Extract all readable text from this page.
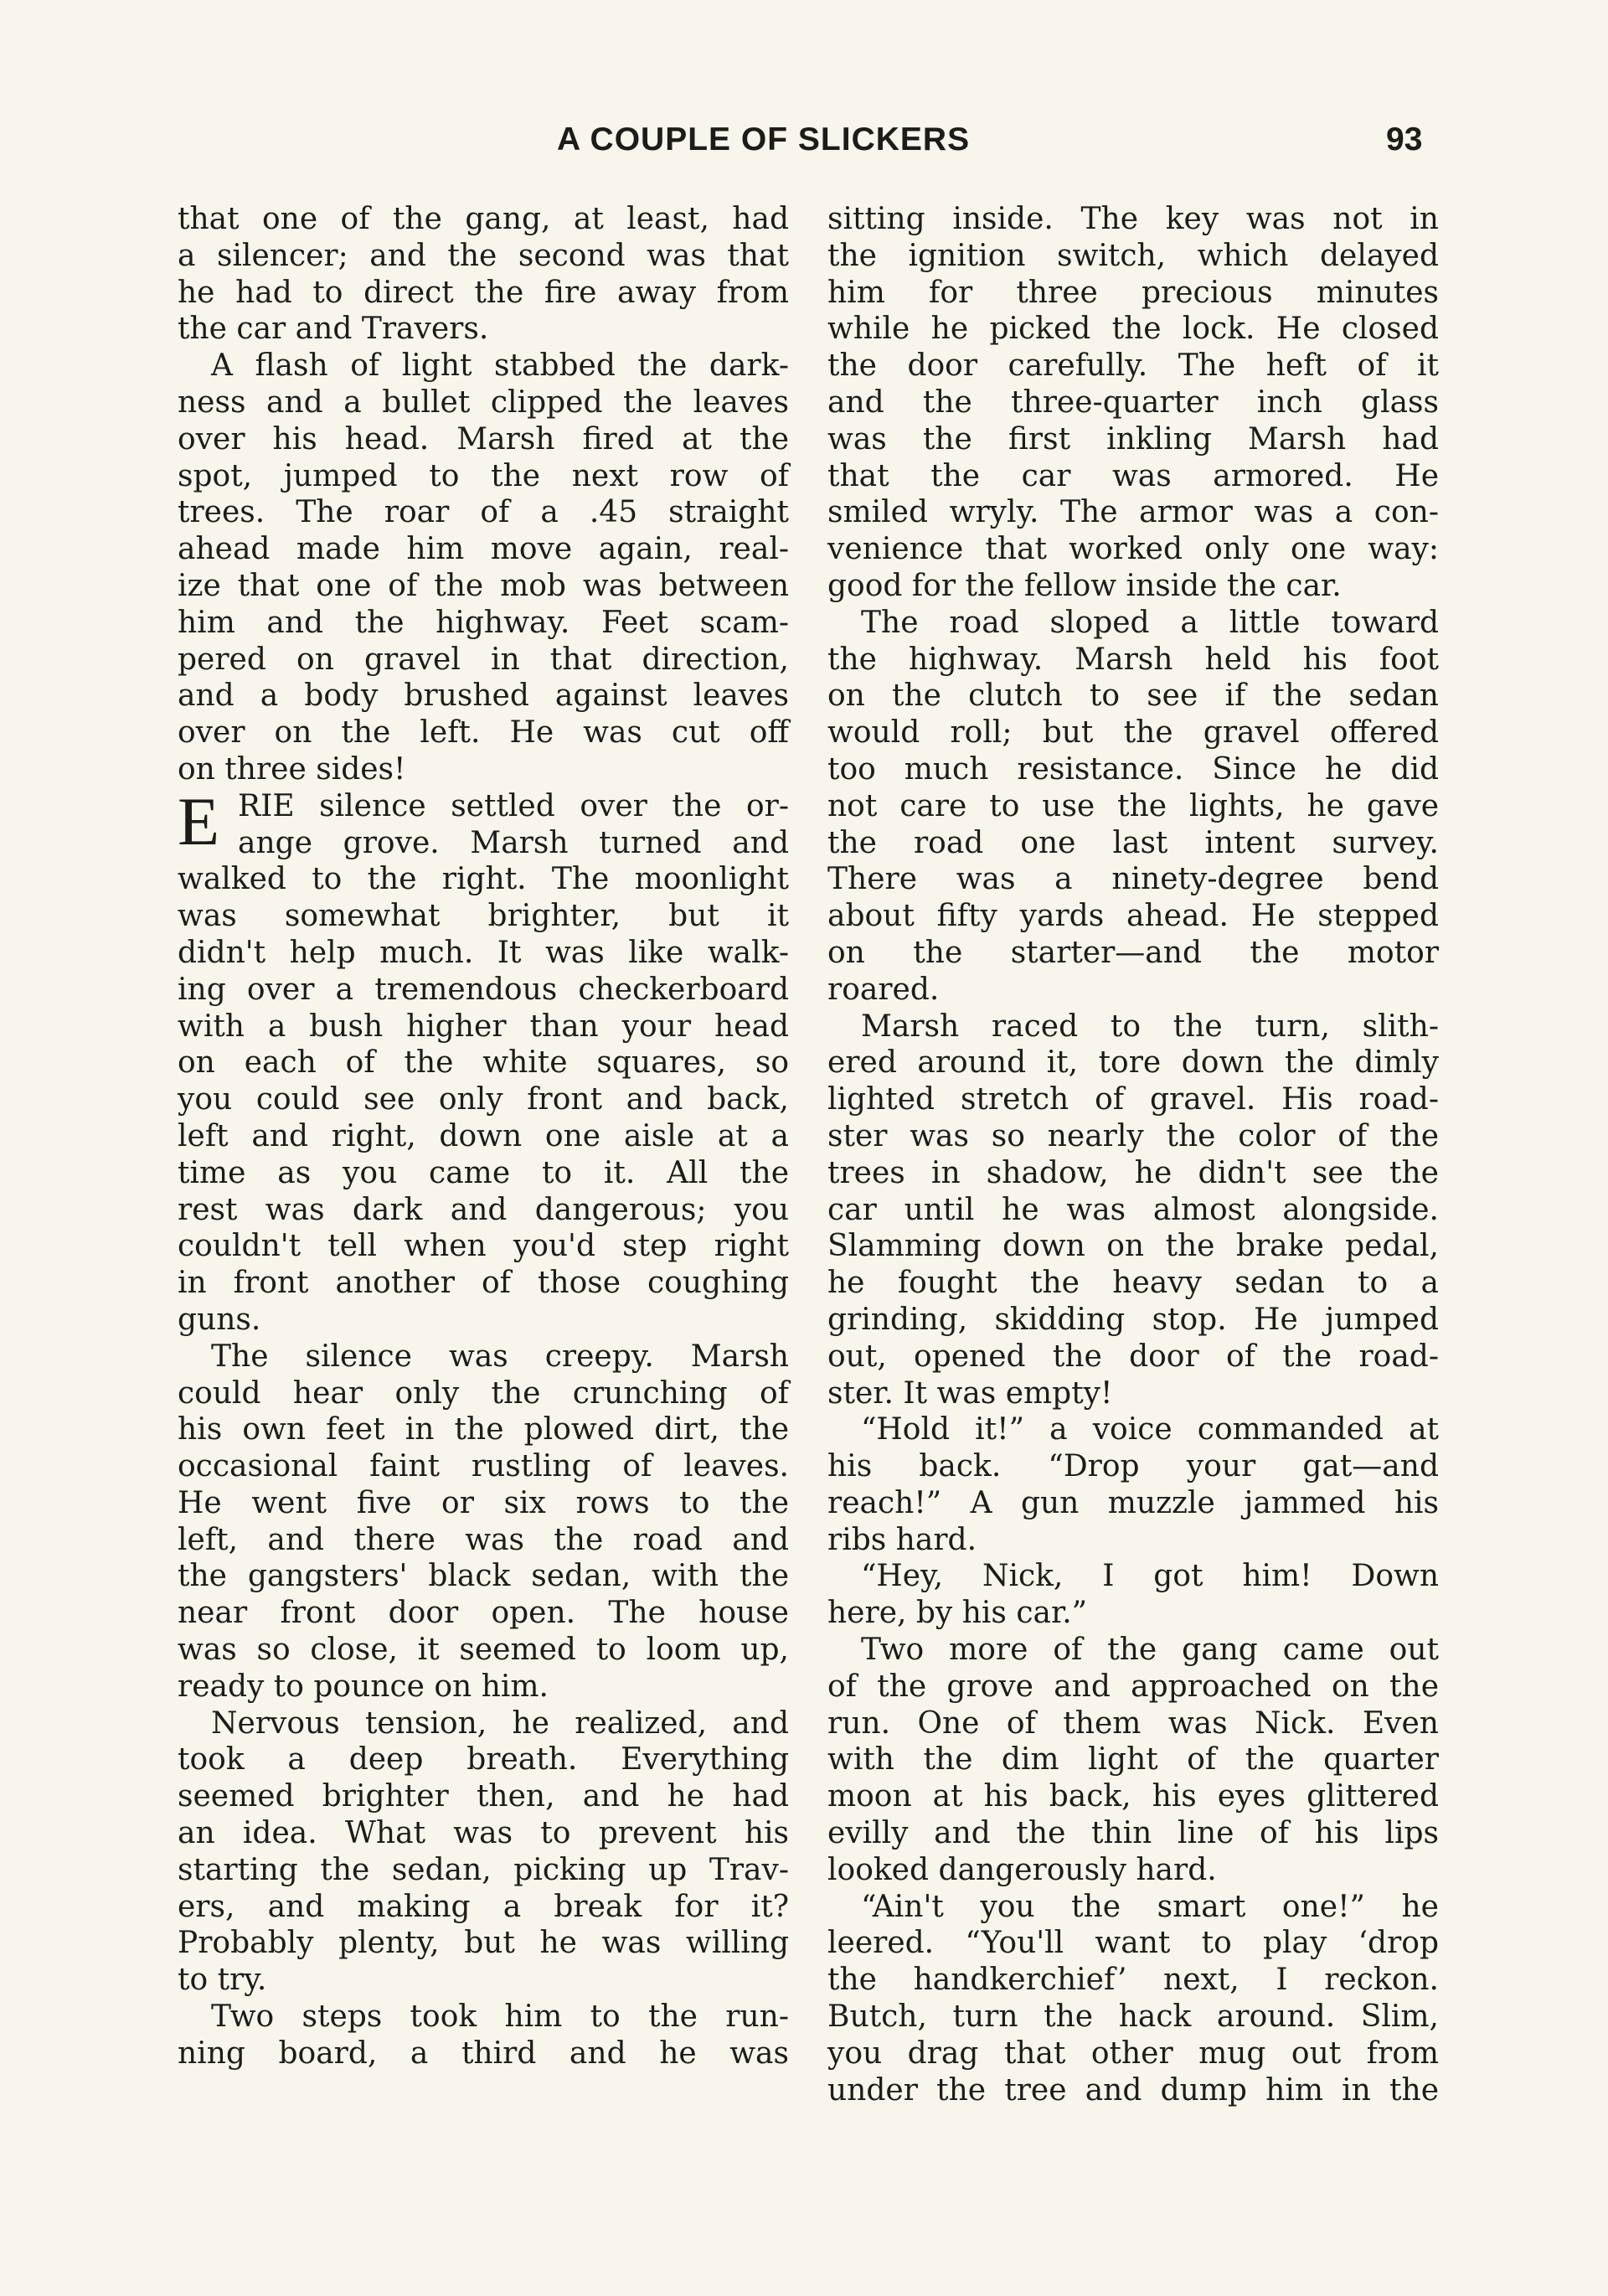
A COUPLE OF SLICKERS	93
that one of the gang, at least, had
a silencer; and the second was that
he had to direct the fire away from
the car and Travers.
A flash of light stabbed the dark-
ness and a bullet clipped the leaves
over his head. Marsh fired at the
spot, jumped to the next row of
trees. The roar of a .45 straight
ahead made him move again, real-
ize that one of the mob was between
him and the highway. Feet scam-
pered on gravel in that direction,
and a body brushed against leaves
over on the left. He was cut off
on three sides!
E RIE silence settled over the or-
ange grove. Marsh turned and
walked to the right. The moonlight
was somewhat brighter, but it
didn't help much. It was like walk-
ing over a tremendous checkerboard
with a bush higher than your head
on each of the white squares, so
you could see only front and back,
left and right, down one aisle at a
time as you came to it. All the
rest was dark and dangerous; you
couldn't tell when you'd step right
in front another of those coughing
guns.
The silence was creepy. Marsh
could hear only the crunching of
his own feet in the plowed dirt, the
occasional faint rustling of leaves.
He went five or six rows to the
left, and there was the road and
the gangsters' black sedan, with the
near front door open. The house
was so close, it seemed to loom up,
ready to pounce on him.
Nervous tension, he realized, and
took a deep breath. Everything
seemed brighter then, and he had
an idea. What was to prevent his
starting the sedan, picking up Trav-
ers, and making a break for it?
Probably plenty, but he was willing
to try.
Two steps took him to the run-
ning board, a third and he was
sitting inside. The key was not in
the ignition switch, which delayed
him for three precious minutes
while he picked the lock. He closed
the door carefully. The heft of it
and the three-quarter inch glass
was the first inkling Marsh had
that the car was armored. He
smiled wryly. The armor was a con-
venience that worked only one way:
good for the fellow inside the car.
The road sloped a little toward
the highway. Marsh held his foot
on the clutch to see if the sedan
would roll; but the gravel offered
too much resistance. Since he did
not care to use the lights, he gave
the road one last intent survey.
There was a ninety-degree bend
about fifty yards ahead. He stepped
on the starter—and the motor
roared.
Marsh raced to the turn, slith-
ered around it, tore down the dimly
lighted stretch of gravel. His road-
ster was so nearly the color of the
trees in shadow, he didn't see the
car until he was almost alongside.
Slamming down on the brake pedal,
he fought the heavy sedan to a
grinding, skidding stop. He jumped
out, opened the door of the road-
ster. It was empty!
“Hold it!” a voice commanded at
his back. “Drop your gat—and
reach!” A gun muzzle jammed his
ribs hard.
“Hey, Nick, I got him! Down
here, by his car.”
Two more of the gang came out
of the grove and approached on the
run. One of them was Nick. Even
with the dim light of the quarter
moon at his back, his eyes glittered
evilly and the thin line of his lips
looked dangerously hard.
“Ain't you the smart one!” he
leered. “You'll want to play ‘drop
the handkerchief’ next, I reckon.
Butch, turn the hack around. Slim,
you drag that other mug out from
under the tree and dump him in the
